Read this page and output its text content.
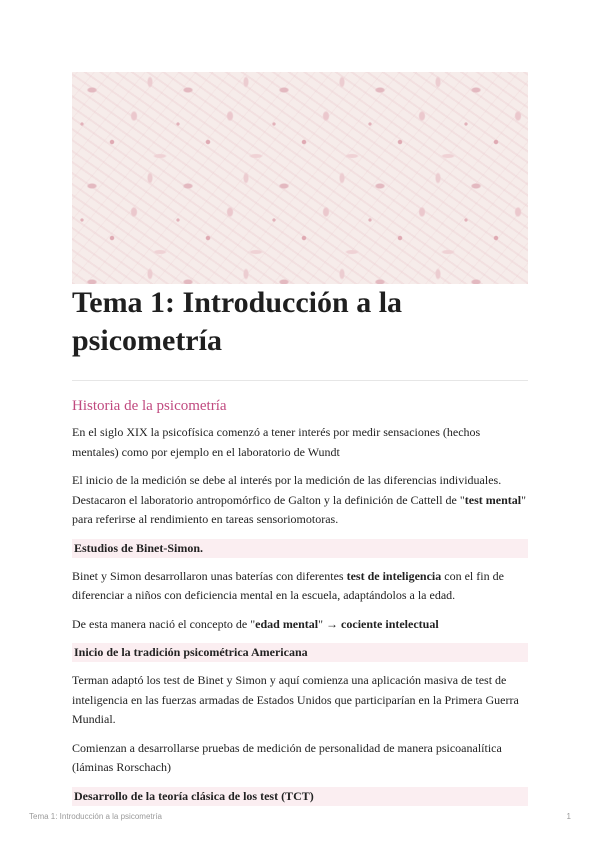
Tema 1: Introducción a la psicometría
Historia de la psicometría

En el siglo XIX la psicofísica comenzó a tener interés por medir sensaciones (hechos mentales) como por ejemplo en el laboratorio de Wundt

El inicio de la medición se debe al interés por la medición de las diferencias individuales. Destacaron el laboratorio antropomórfico de Galton y la definición de Cattell de "test mental" para referirse al rendimiento en tareas sensoriomotoras.

Estudios de Binet-Simon.

Binet y Simon desarrollaron unas baterías con diferentes test de inteligencia con el fin de diferenciar a niños con deficiencia mental en la escuela, adaptándolos a la edad.

De esta manera nació el concepto de "edad mental" → cociente intelectual

Inicio de la tradición psicométrica Americana

Terman adaptó los test de Binet y Simon y aquí comienza una aplicación masiva de test de inteligencia en las fuerzas armadas de Estados Unidos que participarían en la Primera Guerra Mundial.

Comienzan a desarrollarse pruebas de medición de personalidad de manera psicoanalítica (láminas Rorschach)

Desarrollo de la teoría clásica de los test (TCT)
Tema 1: Introducción a la psicometría	1
